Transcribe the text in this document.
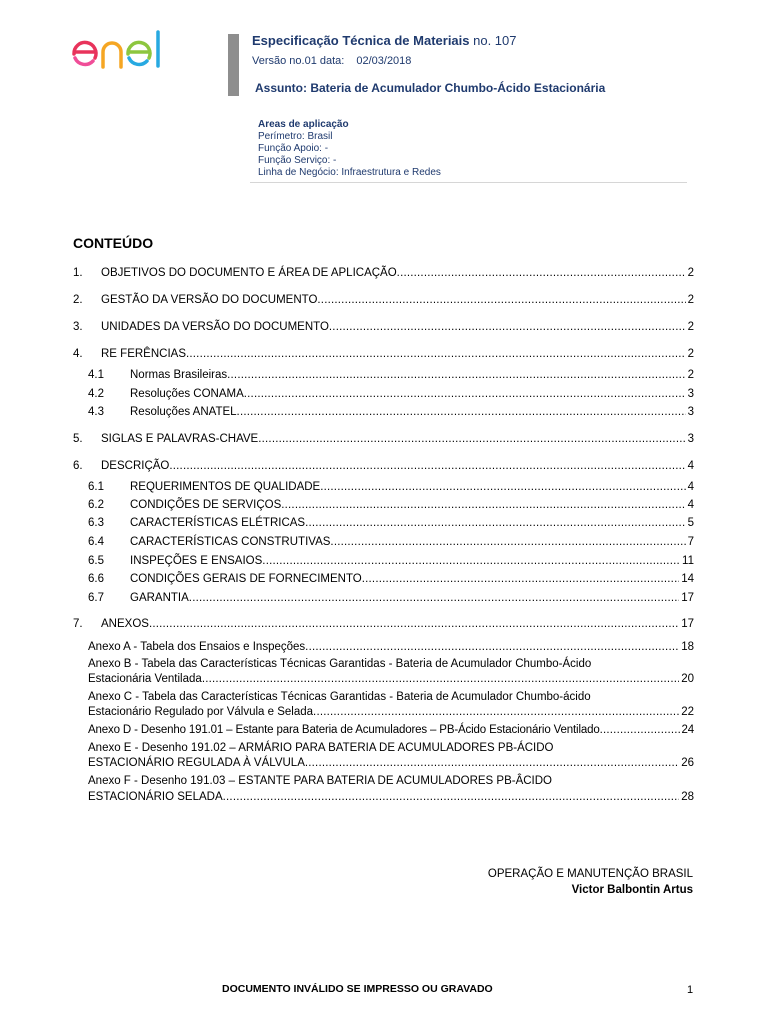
Especificação Técnica de Materiais no. 107
Versão no.01 data: 02/03/2018
Assunto: Bateria de Acumulador Chumbo-Ácido Estacionária
Areas de aplicação
Perímetro: Brasil
Função Apoio: -
Função Serviço: -
Linha de Negócio: Infraestrutura e Redes
CONTEÚDO
1.	OBJETIVOS DO DOCUMENTO E ÁREA DE APLICAÇÃO .....	2
2.	GESTÃO DA VERSÃO DO DOCUMENTO .....	2
3.	UNIDADES DA VERSÃO DO DOCUMENTO .....	2
4.	RE FERÊNCIAS .....	2
4.1	Normas Brasileiras .....	2
4.2	Resoluções CONAMA .....	3
4.3	Resoluções ANATEL .....	3
5.	SIGLAS E PALAVRAS-CHAVE .....	3
6.	DESCRIÇÃO .....	4
6.1	REQUERIMENTOS DE QUALIDADE .....	4
6.2	CONDIÇÕES DE SERVIÇOS .....	4
6.3	CARACTERÍSTICAS ELÉTRICAS .....	5
6.4	CARACTERÍSTICAS CONSTRUTIVAS .....	7
6.5	INSPEÇÕES E ENSAIOS .....	11
6.6	CONDIÇÕES GERAIS DE FORNECIMENTO .....	14
6.7	GARANTIA .....	17
7.	ANEXOS .....	17
Anexo A - Tabela dos Ensaios e Inspeções .....	18
Anexo B - Tabela das Características Técnicas Garantidas - Bateria de Acumulador Chumbo-Ácido
Estacionária Ventilada .....	20
Anexo C - Tabela das Características Técnicas Garantidas - Bateria de Acumulador Chumbo-ácido
Estacionário Regulado por Válvula e Selada .....	22
Anexo D - Desenho 191.01 – Estante para Bateria de Acumuladores – PB-Ácido Estacionário Ventilado .....	24
Anexo E - Desenho 191.02 – ARMÁRIO PARA BATERIA DE ACUMULADORES PB-ÁCIDO
ESTACIONÁRIO REGULADA À VÁLVULA .....	26
Anexo F - Desenho 191.03 – ESTANTE PARA BATERIA DE ACUMULADORES PB-ÂCIDO
ESTACIONÁRIO SELADA .....	28
OPERAÇÃO E MANUTENÇÃO BRASIL
Victor Balbontin Artus
DOCUMENTO INVÁLIDO SE IMPRESSO OU GRAVADO	1
